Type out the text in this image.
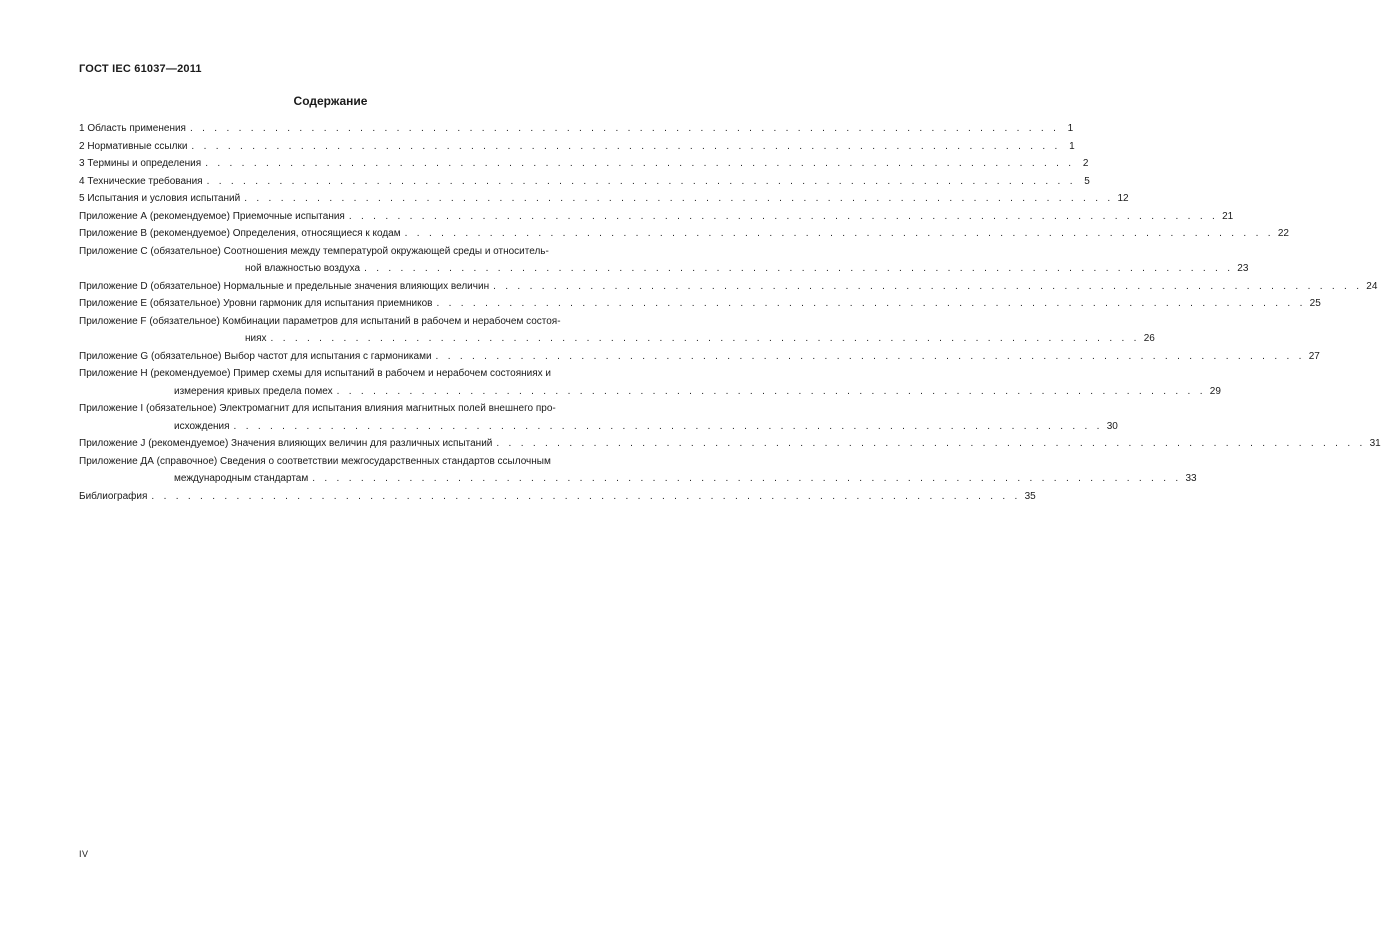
ГОСТ IEC 61037—2011
Содержание
1 Область применения . . . . . . . . . . . . . . . . . . . . . . . . . . . . . . . . . . . . . . . . . . . . . . . . . . . . . . . . . . . . . . . . . . . . . . . . 1
2 Нормативные ссылки . . . . . . . . . . . . . . . . . . . . . . . . . . . . . . . . . . . . . . . . . . . . . . . . . . . . . . . . . . . . . . . . . . . . . . . . 1
3 Термины и определения . . . . . . . . . . . . . . . . . . . . . . . . . . . . . . . . . . . . . . . . . . . . . . . . . . . . . . . . . . . . . . . . . . . . . . . . 2
4 Технические требования . . . . . . . . . . . . . . . . . . . . . . . . . . . . . . . . . . . . . . . . . . . . . . . . . . . . . . . . . . . . . . . . . . . . . . . . 5
5 Испытания и условия испытаний . . . . . . . . . . . . . . . . . . . . . . . . . . . . . . . . . . . . . . . . . . . . . . . . . . . . . . . . . . . . . . . . . . . . . . . . 12
Приложение А (рекомендуемое) Приемочные испытания . . . . . . . . . . . . . . . . . . . . . . . . . . . . . . . . . . . . . . . . . . . . . . . . . . . . . . . . . . . . . . . . . . . . . . . . 21
Приложение В (рекомендуемое) Определения, относящиеся к кодам . . . . . . . . . . . . . . . . . . . . . . . . . . . . . . . . . . . . . . . . . . . . . . . . . . . . . . . . . . . . . . . . . . . . . . . . 22
Приложение С (обязательное) Соотношения между температурой окружающей среды и относитель-
ной влажностью воздуха . . . . . . . . . . . . . . . . . . . . . . . . . . . . . . . . . . . . . . . . . . . . . . . . . . . . . . . . . . . . . . . . . . . . . . . . 23
Приложение D (обязательное) Нормальные и предельные значения влияющих величин . . . . . . . . . . . . . . . . . . . . . . . . . . . . . . . . . . . . . . . . . . . . . . . . . . . . . . . . . . . . . . . . . . . . . . . . 24
Приложение Е (обязательное) Уровни гармоник для испытания приемников . . . . . . . . . . . . . . . . . . . . . . . . . . . . . . . . . . . . . . . . . . . . . . . . . . . . . . . . . . . . . . . . . . . . . . . . 25
Приложение F (обязательное) Комбинации параметров для испытаний в рабочем и нерабочем состоя-
ниях . . . . . . . . . . . . . . . . . . . . . . . . . . . . . . . . . . . . . . . . . . . . . . . . . . . . . . . . . . . . . . . . . . . . . . . . 26
Приложение G (обязательное) Выбор частот для испытания с гармониками . . . . . . . . . . . . . . . . . . . . . . . . . . . . . . . . . . . . . . . . . . . . . . . . . . . . . . . . . . . . . . . . . . . . . . . . 27
Приложение Н (рекомендуемое) Пример схемы для испытаний в рабочем и нерабочем состояниях и
измерения кривых предела помех . . . . . . . . . . . . . . . . . . . . . . . . . . . . . . . . . . . . . . . . . . . . . . . . . . . . . . . . . . . . . . . . . . . . . . . . 29
Приложение I (обязательное) Электромагнит для испытания влияния магнитных полей внешнего про-
исхождения . . . . . . . . . . . . . . . . . . . . . . . . . . . . . . . . . . . . . . . . . . . . . . . . . . . . . . . . . . . . . . . . . . . . . . . . 30
Приложение J (рекомендуемое) Значения влияющих величин для различных испытаний . . . . . . . . . . . . . . . . . . . . . . . . . . . . . . . . . . . . . . . . . . . . . . . . . . . . . . . . . . . . . . . . . . . . . . . . 31
Приложение ДА (справочное) Сведения о соответствии межгосударственных стандартов ссылочным
международным стандартам . . . . . . . . . . . . . . . . . . . . . . . . . . . . . . . . . . . . . . . . . . . . . . . . . . . . . . . . . . . . . . . . . . . . . . . . 33
Библиография . . . . . . . . . . . . . . . . . . . . . . . . . . . . . . . . . . . . . . . . . . . . . . . . . . . . . . . . . . . . . . . . . . . . . . . . 35
IV
